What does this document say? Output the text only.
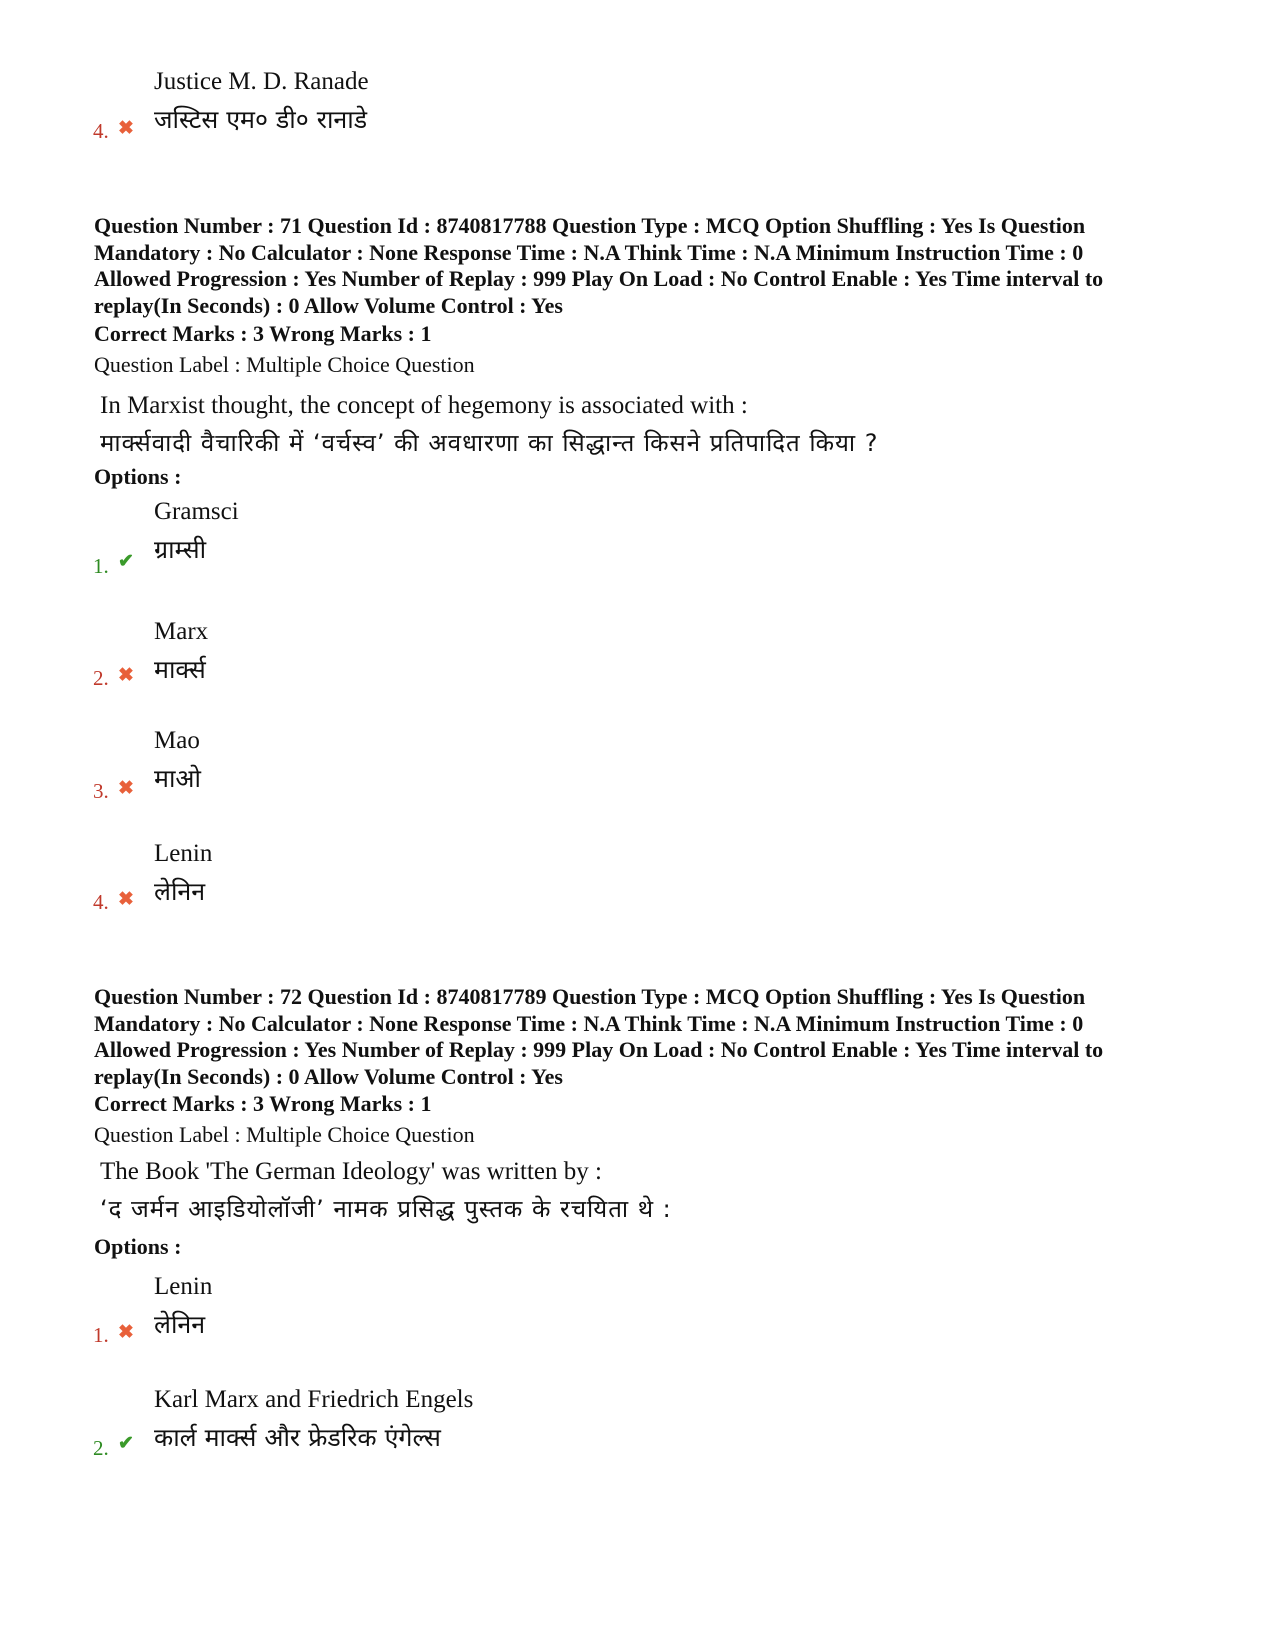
Justice M. D. Ranade
जस्टिस एम० डी० रानाडे
4. ✖
Question Number : 71 Question Id : 8740817788 Question Type : MCQ Option Shuffling : Yes Is Question
Mandatory : No Calculator : None Response Time : N.A Think Time : N.A Minimum Instruction Time : 0
Allowed Progression : Yes Number of Replay : 999 Play On Load : No Control Enable : Yes Time interval to
replay(In Seconds) : 0 Allow Volume Control : Yes
Correct Marks : 3 Wrong Marks : 1
Question Label : Multiple Choice Question
In Marxist thought, the concept of hegemony is associated with :
मार्क्सवादी वैचारिकी में ‘वर्चस्व’ की अवधारणा का सिद्धान्त किसने प्रतिपादित किया ?
Options :
Gramsci
ग्राम्सी
1. ✔
Marx
मार्क्स
2. ✖
Mao
माओ
3. ✖
Lenin
लेनिन
4. ✖
Question Number : 72 Question Id : 8740817789 Question Type : MCQ Option Shuffling : Yes Is Question
Mandatory : No Calculator : None Response Time : N.A Think Time : N.A Minimum Instruction Time : 0
Allowed Progression : Yes Number of Replay : 999 Play On Load : No Control Enable : Yes Time interval to
replay(In Seconds) : 0 Allow Volume Control : Yes
Correct Marks : 3 Wrong Marks : 1
Question Label : Multiple Choice Question
The Book 'The German Ideology' was written by :
‘द जर्मन आइडियोलॉजी’ नामक प्रसिद्ध पुस्तक के रचयिता थे :
Options :
Lenin
लेनिन
1. ✖
Karl Marx and Friedrich Engels
कार्ल मार्क्स और फ्रेडरिक एंगेल्स
2. ✔
